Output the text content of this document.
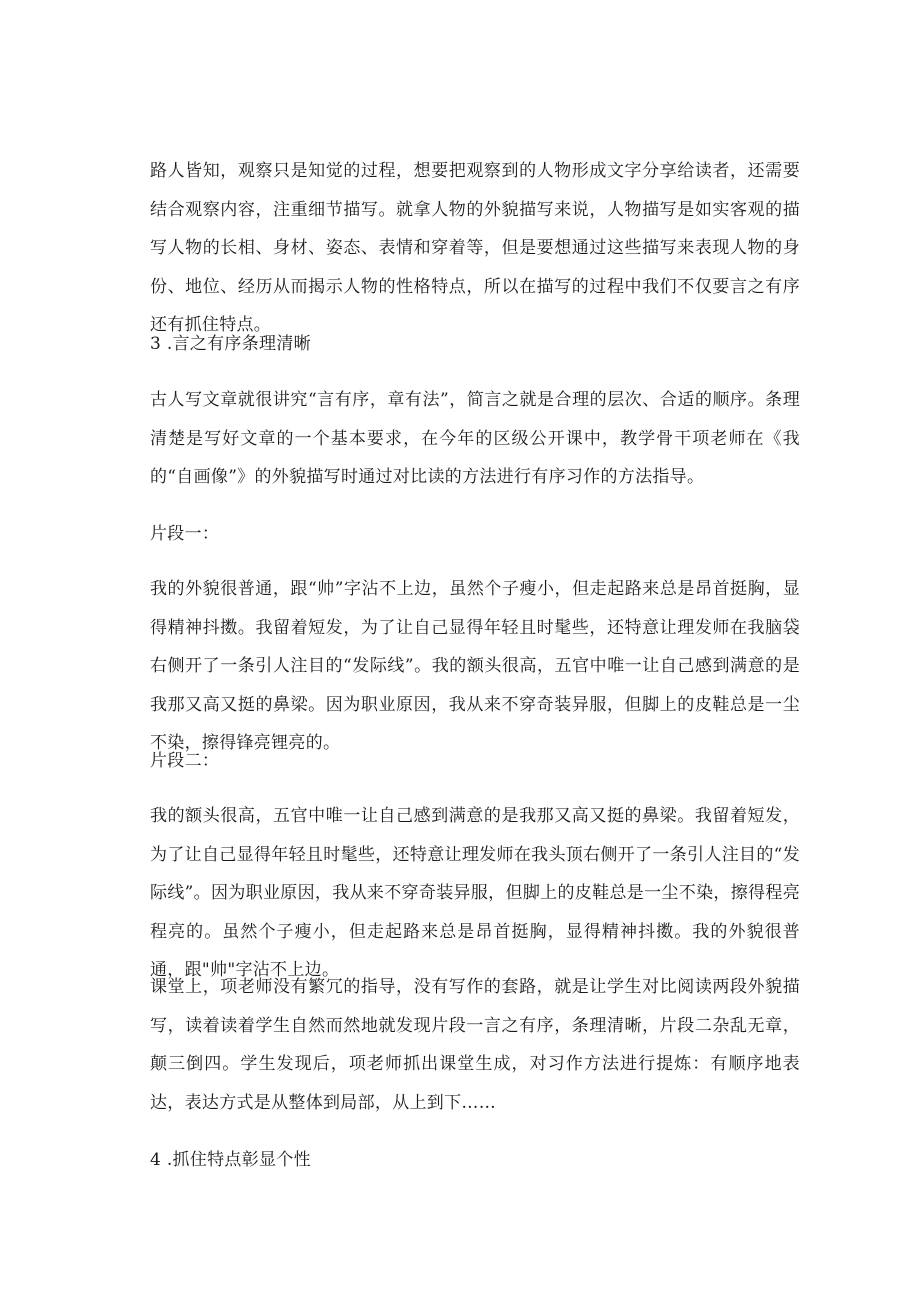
路人皆知，观察只是知觉的过程，想要把观察到的人物形成文字分享给读者，还需要结合观察内容，注重细节描写。就拿人物的外貌描写来说，人物描写是如实客观的描写人物的长相、身材、姿态、表情和穿着等，但是要想通过这些描写来表现人物的身份、地位、经历从而揭示人物的性格特点，所以在描写的过程中我们不仅要言之有序还有抓住特点。

3 .言之有序条理清晰

古人写文章就很讲究“言有序，章有法”，简言之就是合理的层次、合适的顺序。条理清楚是写好文章的一个基本要求，在今年的区级公开课中，教学骨干项老师在《我的“自画像”》的外貌描写时通过对比读的方法进行有序习作的方法指导。

片段一：

我的外貌很普通，跟“帅”字沾不上边，虽然个子瘦小，但走起路来总是昂首挺胸，显得精神抖擞。我留着短发，为了让自己显得年轻且时髦些，还特意让理发师在我脑袋右侧开了一条引人注目的“发际线”。我的额头很高，五官中唯一让自己感到满意的是我那又高又挺的鼻梁。因为职业原因，我从来不穿奇装异服，但脚上的皮鞋总是一尘不染，擦得锋亮锂亮的。

片段二：

我的额头很高，五官中唯一让自己感到满意的是我那又高又挺的鼻梁。我留着短发，为了让自己显得年轻且时髦些，还特意让理发师在我头顶右侧开了一条引人注目的“发际线”。因为职业原因，我从来不穿奇装异服，但脚上的皮鞋总是一尘不染，擦得程亮程亮的。虽然个子瘦小，但走起路来总是昂首挺胸，显得精神抖擞。我的外貌很普通，跟"帅"字沾不上边。

课堂上，项老师没有繁冗的指导，没有写作的套路，就是让学生对比阅读两段外貌描写，读着读着学生自然而然地就发现片段一言之有序，条理清晰，片段二杂乱无章，颠三倒四。学生发现后，项老师抓出课堂生成，对习作方法进行提炼：有顺序地表达，表达方式是从整体到局部，从上到下……

4 .抓住特点彰显个性
